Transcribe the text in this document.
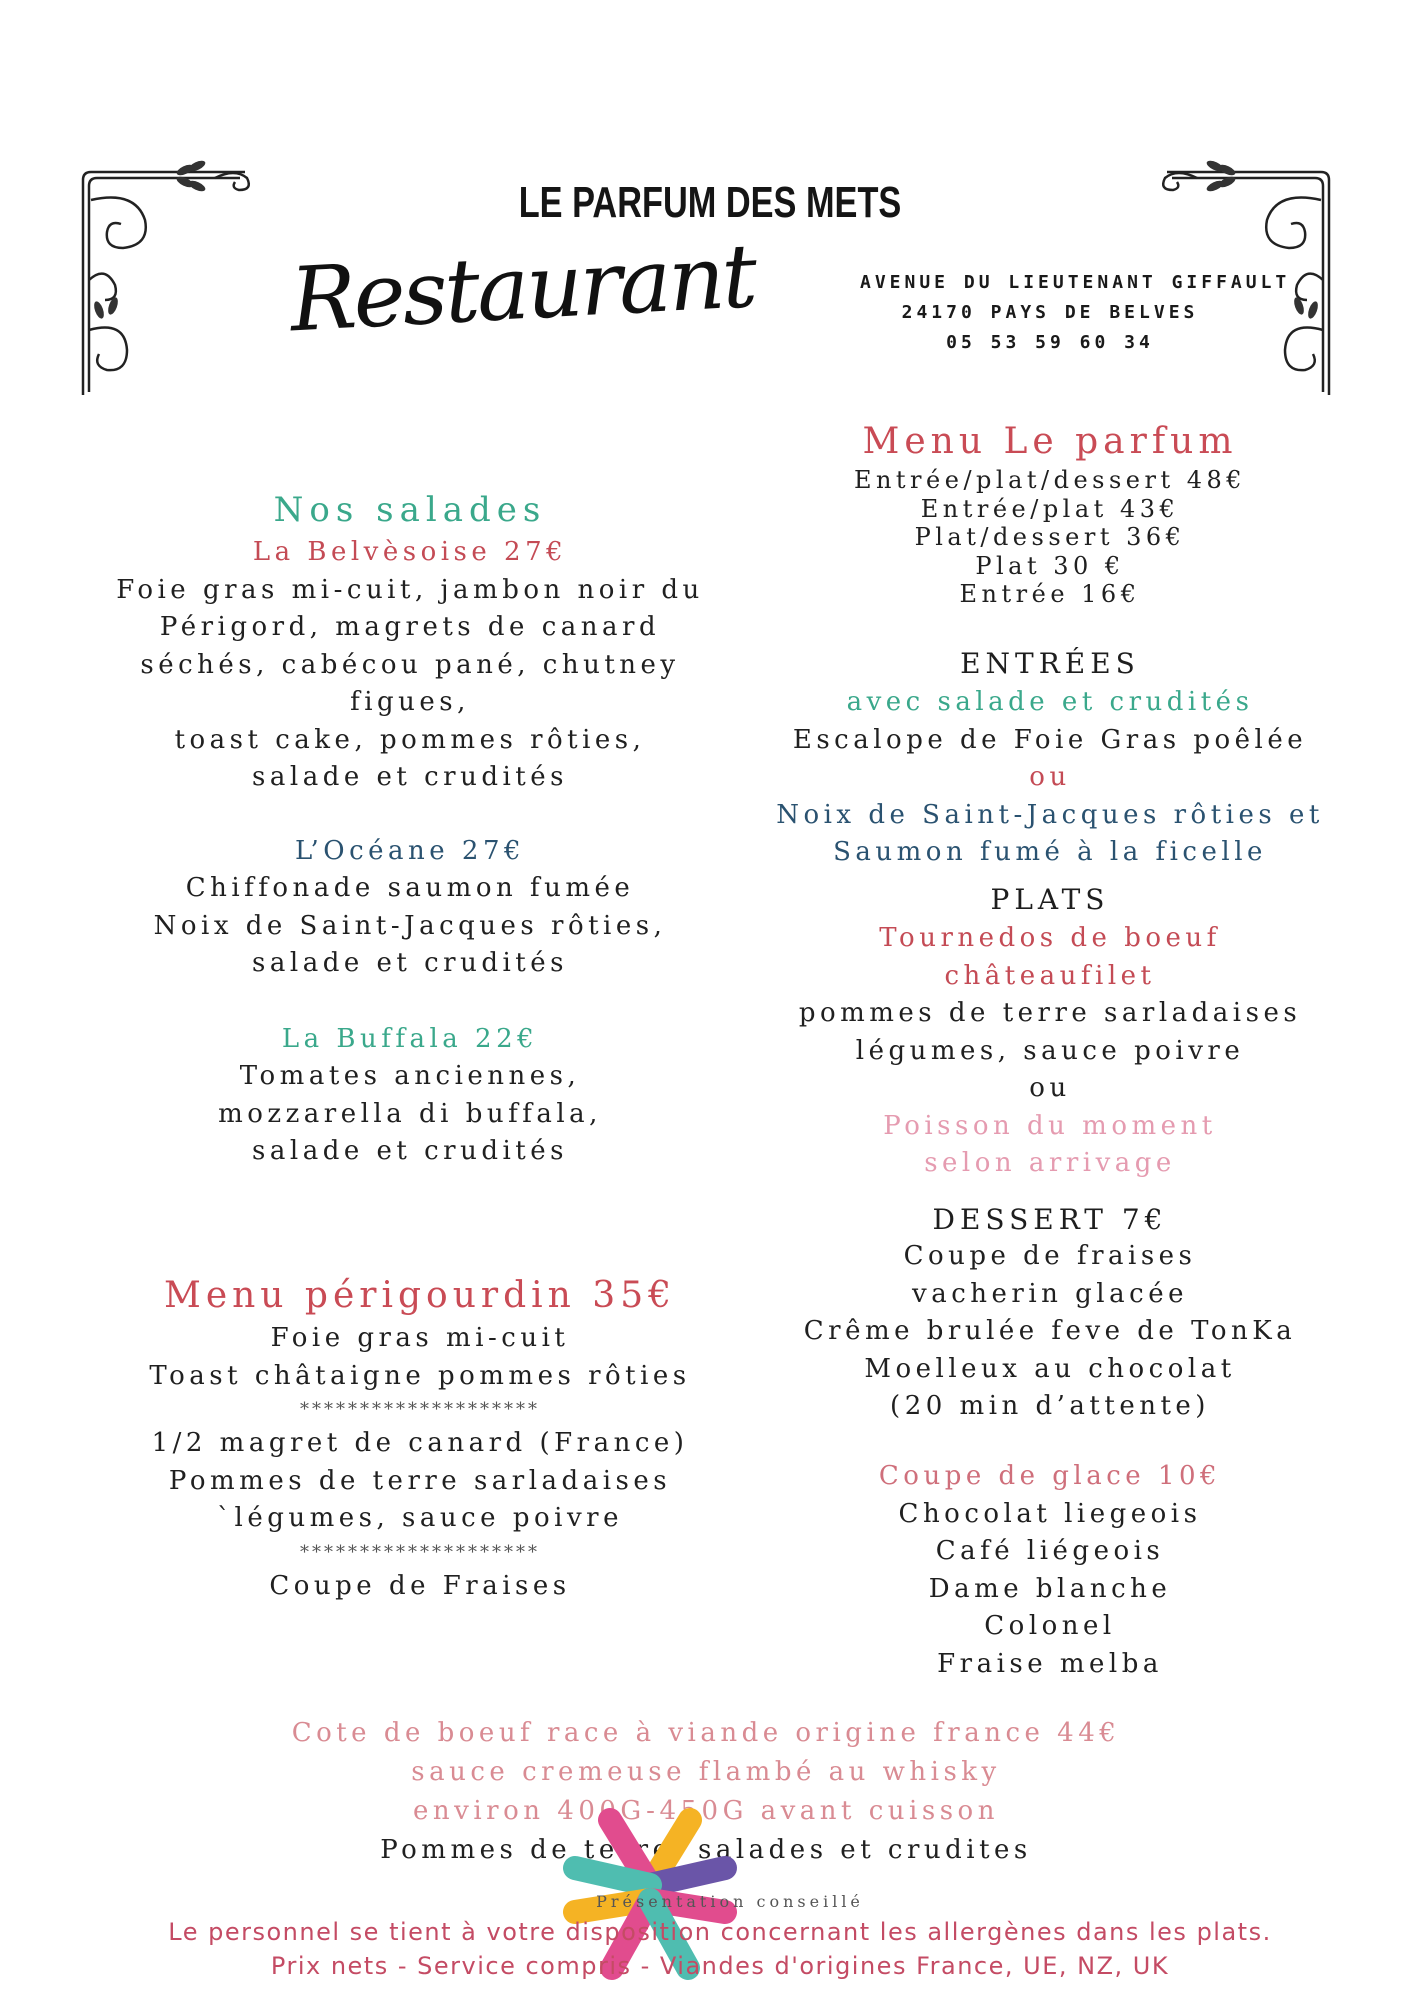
LE PARFUM DES METS
Restaurant	AVENUE DU LIEUTENANT GIFFAULT
24170 PAYS DE BELVES
05 53 59 60 34
Nos salades
La Belvèsoise 27€
Foie gras mi-cuit, jambon noir du
Périgord, magrets de canard
séchés, cabécou pané, chutney
figues,
toast cake, pommes rôties,
salade et crudités
L’Océane 27€
Chiffonade saumon fumée
Noix de Saint-Jacques rôties,
salade et crudités
La Buffala 22€
Tomates anciennes,
mozzarella di buffala,
salade et crudités
Menu périgourdin 35€
Foie gras mi-cuit
Toast châtaigne pommes rôties
********************
1/2 magret de canard (France)
Pommes de terre sarladaises
`légumes, sauce poivre
********************
Coupe de Fraises
Menu Le parfum
Entrée/plat/dessert 48€
Entrée/plat 43€
Plat/dessert 36€
Plat 30 €
Entrée 16€
ENTRÉES
avec salade et crudités
Escalope de Foie Gras poêlée
ou
Noix de Saint-Jacques rôties et
Saumon fumé à la ficelle
PLATS
Tournedos de boeuf
châteaufilet
pommes de terre sarladaises
légumes, sauce poivre
ou
Poisson du moment
selon arrivage
DESSERT 7€
Coupe de fraises
vacherin glacée
Crême brulée feve de TonKa
Moelleux au chocolat
(20 min d’attente)
Coupe de glace 10€
Chocolat liegeois
Café liégeois
Dame blanche
Colonel
Fraise melba
Cote de boeuf race à viande origine france 44€
sauce cremeuse flambé au whisky
environ 400G-450G avant cuisson
Pommes de terre, salades et crudites
Présentation conseillé
Le personnel se tient à votre disposition concernant les allergènes dans les plats.
Prix nets - Service compris - Viandes d'origines France, UE, NZ, UK
